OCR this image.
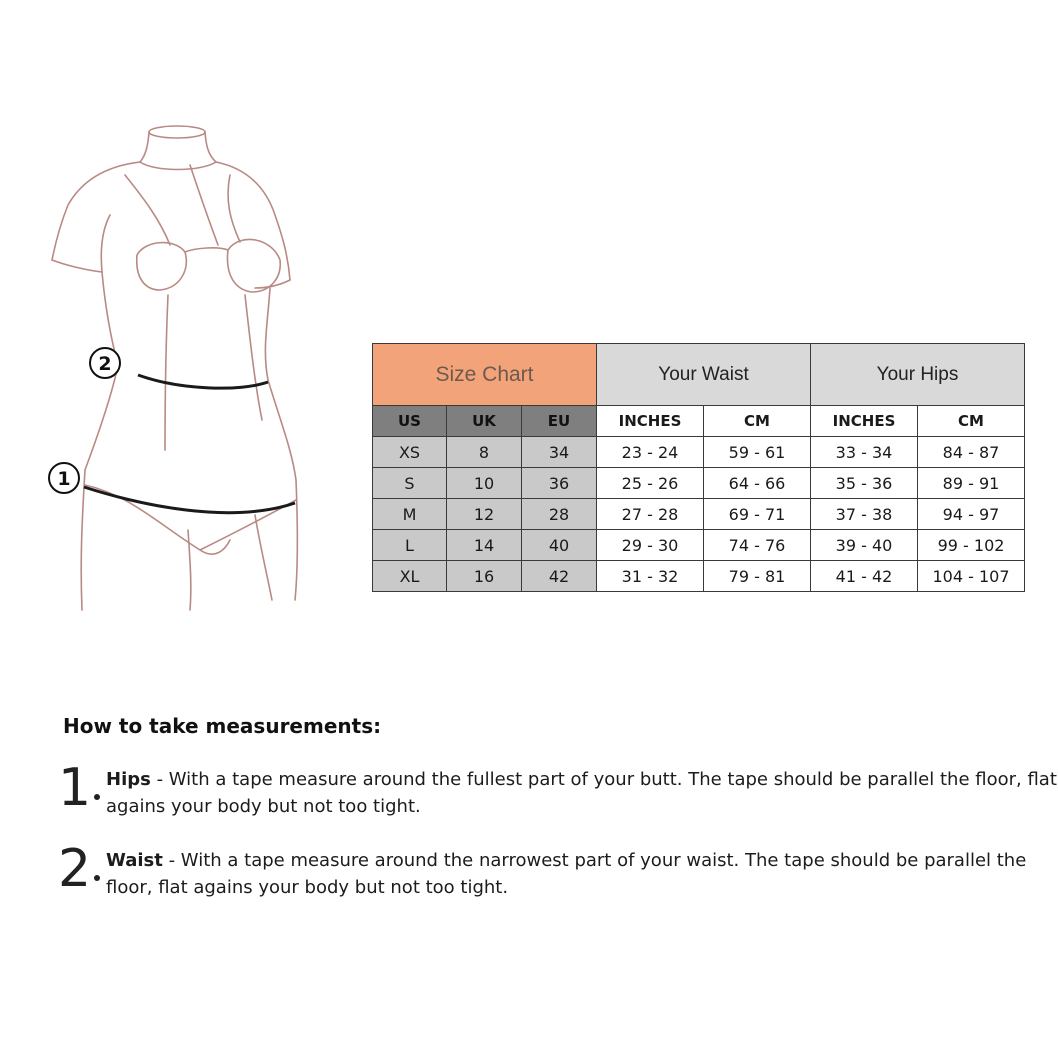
2
1
Size Chart			Your Waist		Your Hips	
US	UK	EU	INCHES	CM	INCHES	CM
XS	8	34	23 - 24	59 - 61	33 - 34	84 - 87
S	10	36	25 - 26	64 - 66	35 - 36	89 - 91
M	12	28	27 - 28	69 - 71	37 - 38	94 - 97
L	14	40	29 - 30	74 - 76	39 - 40	99 - 102
XL	16	42	31 - 32	79 - 81	41 - 42	104 - 107
How to take measurements:
1 Hips - With a tape measure around the fullest part of your butt. The tape should be parallel the floor, flat agains your body but not too tight.
2 Waist - With a tape measure around the narrowest part of your waist. The tape should be parallel the floor, flat agains your body but not too tight.
